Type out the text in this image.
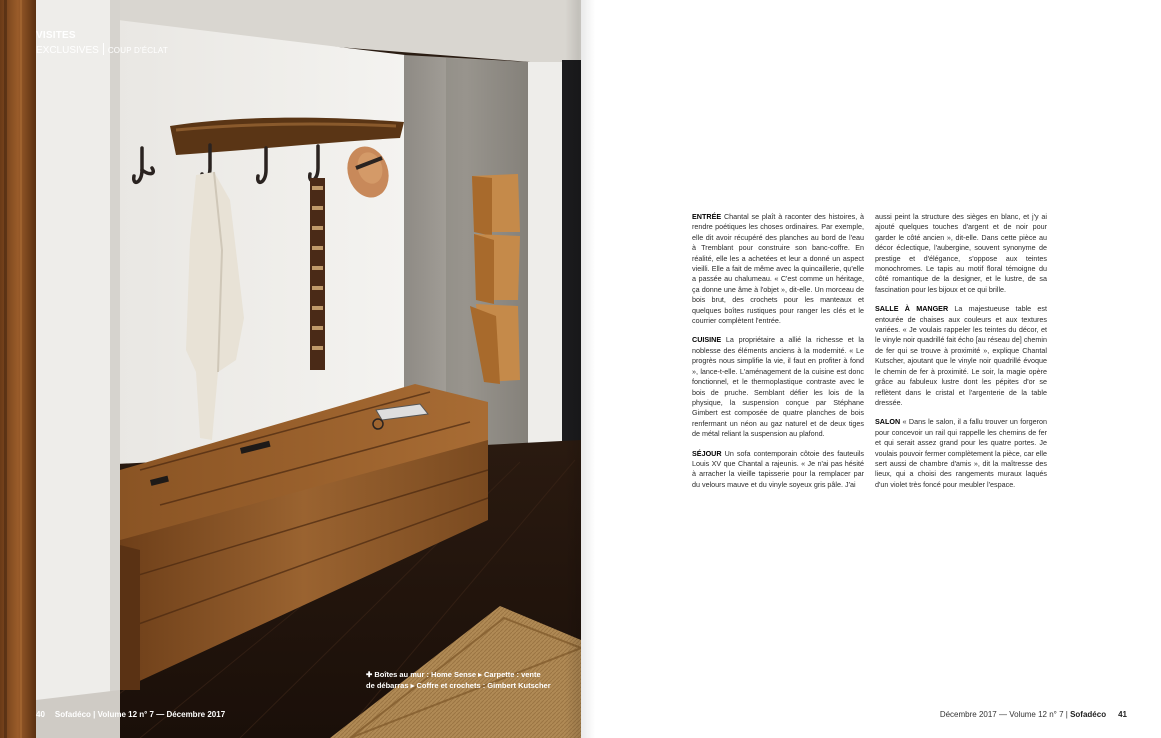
VISITES
EXCLUSIVES COUP D'ÉCLAT
✚ Boîtes au mur : Home Sense ▸ Carpette : vente
de débarras ▸ Coffre et crochets : Gimbert Kutscher
40 Sofadéco | Volume 12 n° 7 — Décembre 2017

ENTRÉE Chantal se plaît à raconter des histoires, à rendre poétiques les choses ordinaires. Par exemple, elle dit avoir récupéré des planches au bord de l'eau à Tremblant pour construire son banc-coffre. En réalité, elle les a achetées et leur a donné un aspect vieilli. Elle a fait de même avec la quincaillerie, qu'elle a passée au chalumeau. « C'est comme un héritage, ça donne une âme à l'objet », dit-elle. Un morceau de bois brut, des crochets pour les manteaux et quelques boîtes rustiques pour ranger les clés et le courrier complètent l'entrée.

CUISINE La propriétaire a allié la richesse et la noblesse des éléments anciens à la modernité. « Le progrès nous simplifie la vie, il faut en profiter à fond », lance-t-elle. L'aménagement de la cuisine est donc fonctionnel, et le thermoplastique contraste avec le bois de pruche. Semblant défier les lois de la physique, la suspension conçue par Stéphane Gimbert est composée de quatre planches de bois renfermant un néon au gaz naturel et de deux tiges de métal reliant la suspension au plafond.

SÉJOUR Un sofa contemporain côtoie des fauteuils Louis XV que Chantal a rajeunis. « Je n'ai pas hésité à arracher la vieille tapisserie pour la remplacer par du velours mauve et du vinyle soyeux gris pâle. J'ai

aussi peint la structure des sièges en blanc, et j'y ai ajouté quelques touches d'argent et de noir pour garder le côté ancien », dit-elle. Dans cette pièce au décor éclectique, l'aubergine, souvent synonyme de prestige et d'élégance, s'oppose aux teintes monochromes. Le tapis au motif floral témoigne du côté romantique de la designer, et le lustre, de sa fascination pour les bijoux et ce qui brille.

SALLE À MANGER La majestueuse table est entourée de chaises aux couleurs et aux textures variées. « Je voulais rappeler les teintes du décor, et le vinyle noir quadrillé fait écho [au réseau de] chemin de fer qui se trouve à proximité », explique Chantal Kutscher, ajoutant que le vinyle noir quadrillé évoque le chemin de fer à proximité. Le soir, la magie opère grâce au fabuleux lustre dont les pépites d'or se reflètent dans le cristal et l'argenterie de la table dressée.

SALON « Dans le salon, il a fallu trouver un forgeron pour concevoir un rail qui rappelle les chemins de fer et qui serait assez grand pour les quatre portes. Je voulais pouvoir fermer complètement la pièce, car elle sert aussi de chambre d'amis », dit la maîtresse des lieux, qui a choisi des rangements muraux laqués d'un violet très foncé pour meubler l'espace.

Décembre 2017 — Volume 12 n° 7 | Sofadéco 41
